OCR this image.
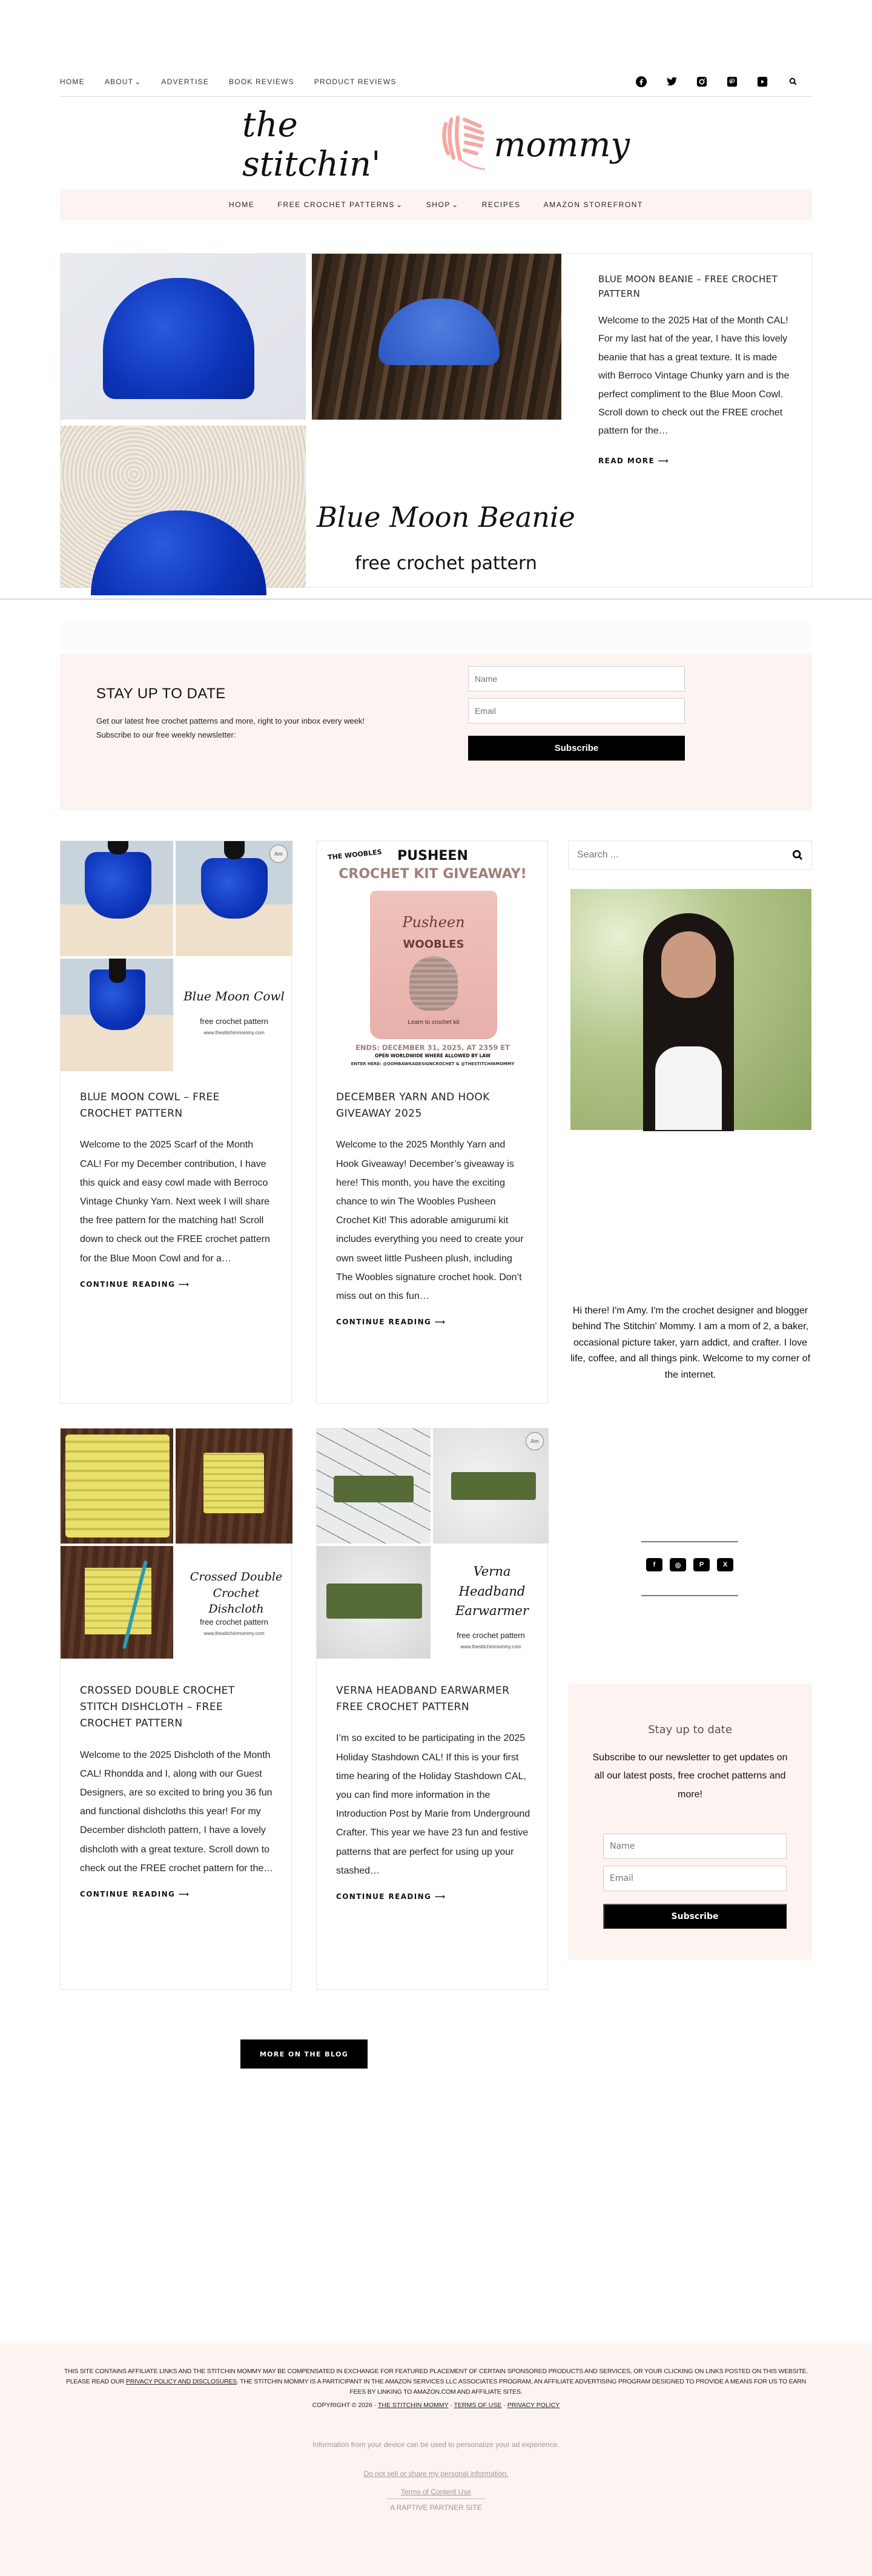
HOME	ABOUT ⌄	ADVERTISE	BOOK REVIEWS	PRODUCT REVIEWS
the stitchin'	mommy
HOME	FREE CROCHET PATTERNS ⌄	SHOP ⌄	RECIPES	AMAZON STOREFRONT
Blue Moon Beanie
free crochet pattern
BLUE MOON BEANIE – FREE CROCHET PATTERN

Welcome to the 2025 Hat of the Month CAL! For my last hat of the year, I have this lovely beanie that has a great texture. It is made with Berroco Vintage Chunky yarn and is the perfect compliment to the Blue Moon Cowl. Scroll down to check out the FREE crochet pattern for the…

READ MORE ⟶
STAY UP TO DATE

Get our latest free crochet patterns and more, right to your inbox every week! Subscribe to our free weekly newsletter:

Name
Email
Subscribe
Am
Blue Moon Cowl
free crochet pattern
www.thestitchinmommy.com
BLUE MOON COWL – FREE CROCHET PATTERN

Welcome to the 2025 Scarf of the Month CAL! For my December contribution, I have this quick and easy cowl made with Berroco Vintage Chunky Yarn. Next week I will share the free pattern for the matching hat! Scroll down to check out the FREE crochet pattern for the Blue Moon Cowl and for a…

CONTINUE READING ⟶
THE WOOBLES	PUSHEEN
CROCHET KIT GIVEAWAY!
Pusheen
WOOBLES
Learn to crochet kit
ENDS: DECEMBER 31, 2025, AT 2359 ET
OPEN WORLDWIDE WHERE ALLOWED BY LAW
ENTER HERE: @OOMBAWKADESIGNCROCHET & @THESTITCHINMOMMY
DECEMBER YARN AND HOOK GIVEAWAY 2025

Welcome to the 2025 Monthly Yarn and Hook Giveaway! December’s giveaway is here! This month, you have the exciting chance to win The Woobles Pusheen Crochet Kit! This adorable amigurumi kit includes everything you need to create your own sweet little Pusheen plush, including The Woobles signature crochet hook. Don’t miss out on this fun…

CONTINUE READING ⟶
Crossed Double Crochet Dishcloth
free crochet pattern
www.thestitchinmommy.com
CROSSED DOUBLE CROCHET STITCH DISHCLOTH – FREE CROCHET PATTERN

Welcome to the 2025 Dishcloth of the Month CAL! Rhondda and I, along with our Guest Designers, are so excited to bring you 36 fun and functional dishcloths this year! For my December dishcloth pattern, I have a lovely dishcloth with a great texture. Scroll down to check out the FREE crochet pattern for the…

CONTINUE READING ⟶
Am
Verna Headband Earwarmer
free crochet pattern
www.thestitchinmommy.com
VERNA HEADBAND EARWARMER FREE CROCHET PATTERN

I’m so excited to be participating in the 2025 Holiday Stashdown CAL! If this is your first time hearing of the Holiday Stashdown CAL, you can find more information in the Introduction Post by Marie from Underground Crafter. This year we have 23 fun and festive patterns that are perfect for using up your stashed…

CONTINUE READING ⟶
Search ...

Hi there! I'm Amy. I'm the crochet designer and blogger behind The Stitchin' Mommy. I am a mom of 2, a baker, occasional picture taker, yarn addict, and crafter. I love life, coffee, and all things pink. Welcome to my corner of the internet.

f	◎	P	X
Stay up to date

Subscribe to our newsletter to get updates on all our latest posts, free crochet patterns and more!

Name
Email
Subscribe
MORE ON THE BLOG

THIS SITE CONTAINS AFFILIATE LINKS AND THE STITCHIN MOMMY MAY BE COMPENSATED IN EXCHANGE FOR FEATURED PLACEMENT OF CERTAIN SPONSORED PRODUCTS AND SERVICES, OR YOUR CLICKING ON LINKS POSTED ON THIS WEBSITE. PLEASE READ OUR PRIVACY POLICY AND DISCLOSURES. THE STITCHIN MOMMY IS A PARTICIPANT IN THE AMAZON SERVICES LLC ASSOCIATES PROGRAM, AN AFFILIATE ADVERTISING PROGRAM DESIGNED TO PROVIDE A MEANS FOR US TO EARN FEES BY LINKING TO AMAZON.COM AND AFFILIATE SITES.

COPYRIGHT © 2026 · THE STITCHIN MOMMY · TERMS OF USE · PRIVACY POLICY

Information from your device can be used to personalize your ad experience.

Do not sell or share my personal information.
Terms of Content Use

A RAPTIVE PARTNER SITE
